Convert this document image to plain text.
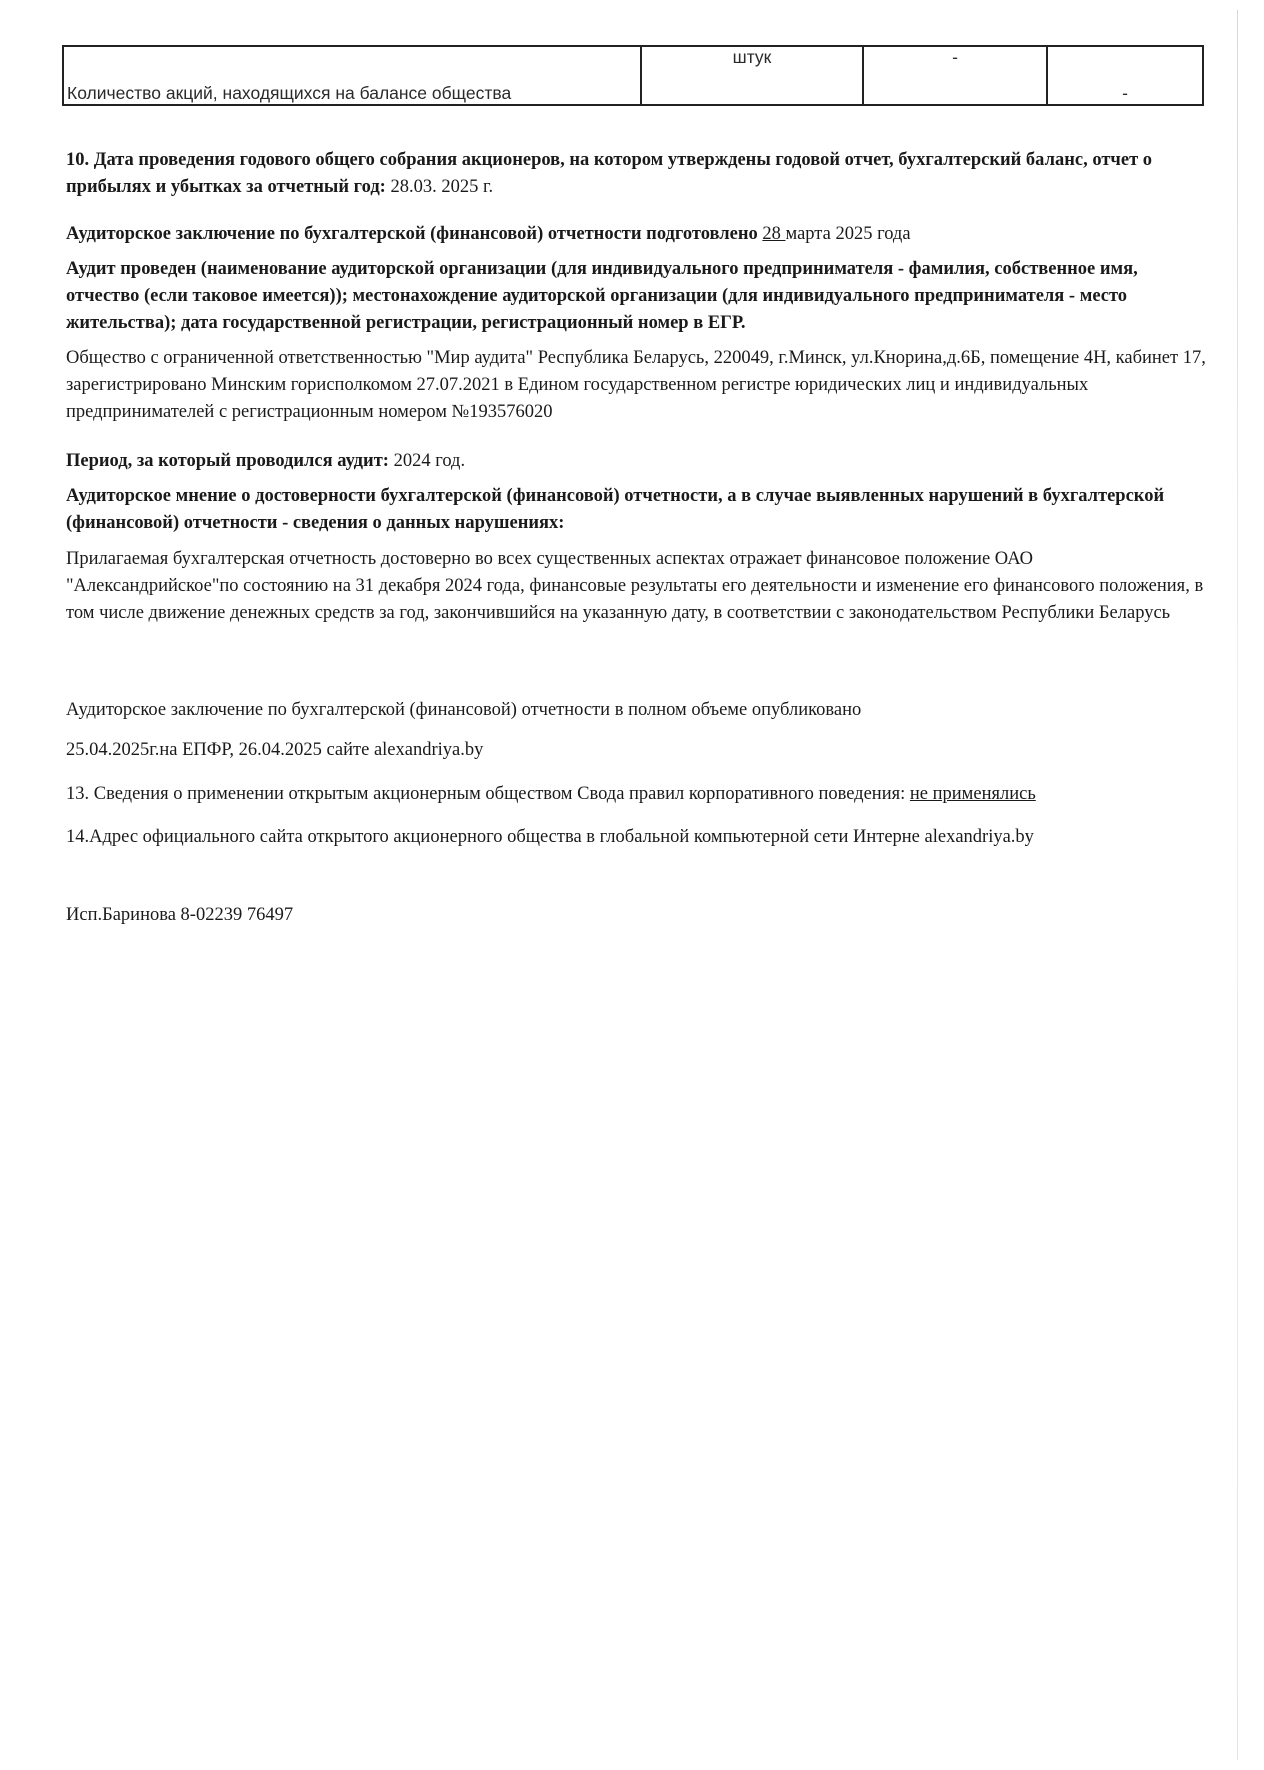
Количество акций, находящихся на балансе общества	штук	-	-

10. Дата проведения годового общего собрания акционеров, на котором утверждены годовой отчет, бухгалтерский баланс, отчет о прибылях и убытках за отчетный год: 28.03. 2025 г.

Аудиторское заключение по бухгалтерской (финансовой) отчетности подготовлено 28 марта 2025 года

Аудит проведен (наименование аудиторской организации (для индивидуального предпринимателя - фамилия, собственное имя, отчество (если таковое имеется)); местонахождение аудиторской организации (для индивидуального предпринимателя - место жительства); дата государственной регистрации, регистрационный номер в ЕГР.

Общество с ограниченной ответственностью "Мир аудита" Республика Беларусь, 220049, г.Минск, ул.Кнорина,д.6Б, помещение 4Н, кабинет 17, зарегистрировано Минским горисполкомом 27.07.2021 в Едином государственном регистре юридических лиц и индивидуальных предпринимателей с регистрационным номером №193576020

Период, за который проводился аудит: 2024 год.

Аудиторское мнение о достоверности бухгалтерской (финансовой) отчетности, а в случае выявленных нарушений в бухгалтерской (финансовой) отчетности - сведения о данных нарушениях:

Прилагаемая бухгалтерская отчетность достоверно во всех существенных аспектах отражает финансовое положение ОАО "Александрийское"по состоянию на 31 декабря 2024 года, финансовые результаты его деятельности и изменение его финансового положения, в том числе движение денежных средств за год, закончившийся на указанную дату, в соответствии с законодательством Республики Беларусь

Аудиторское заключение по бухгалтерской (финансовой) отчетности в полном объеме опубликовано

25.04.2025г.на ЕПФР, 26.04.2025 сайте alexandriya.by

13. Сведения о применении открытым акционерным обществом Свода правил корпоративного поведения: не применялись

14.Адрес официального сайта открытого акционерного общества в глобальной компьютерной сети Интерне alexandriya.by

Исп.Баринова 8-02239 76497
